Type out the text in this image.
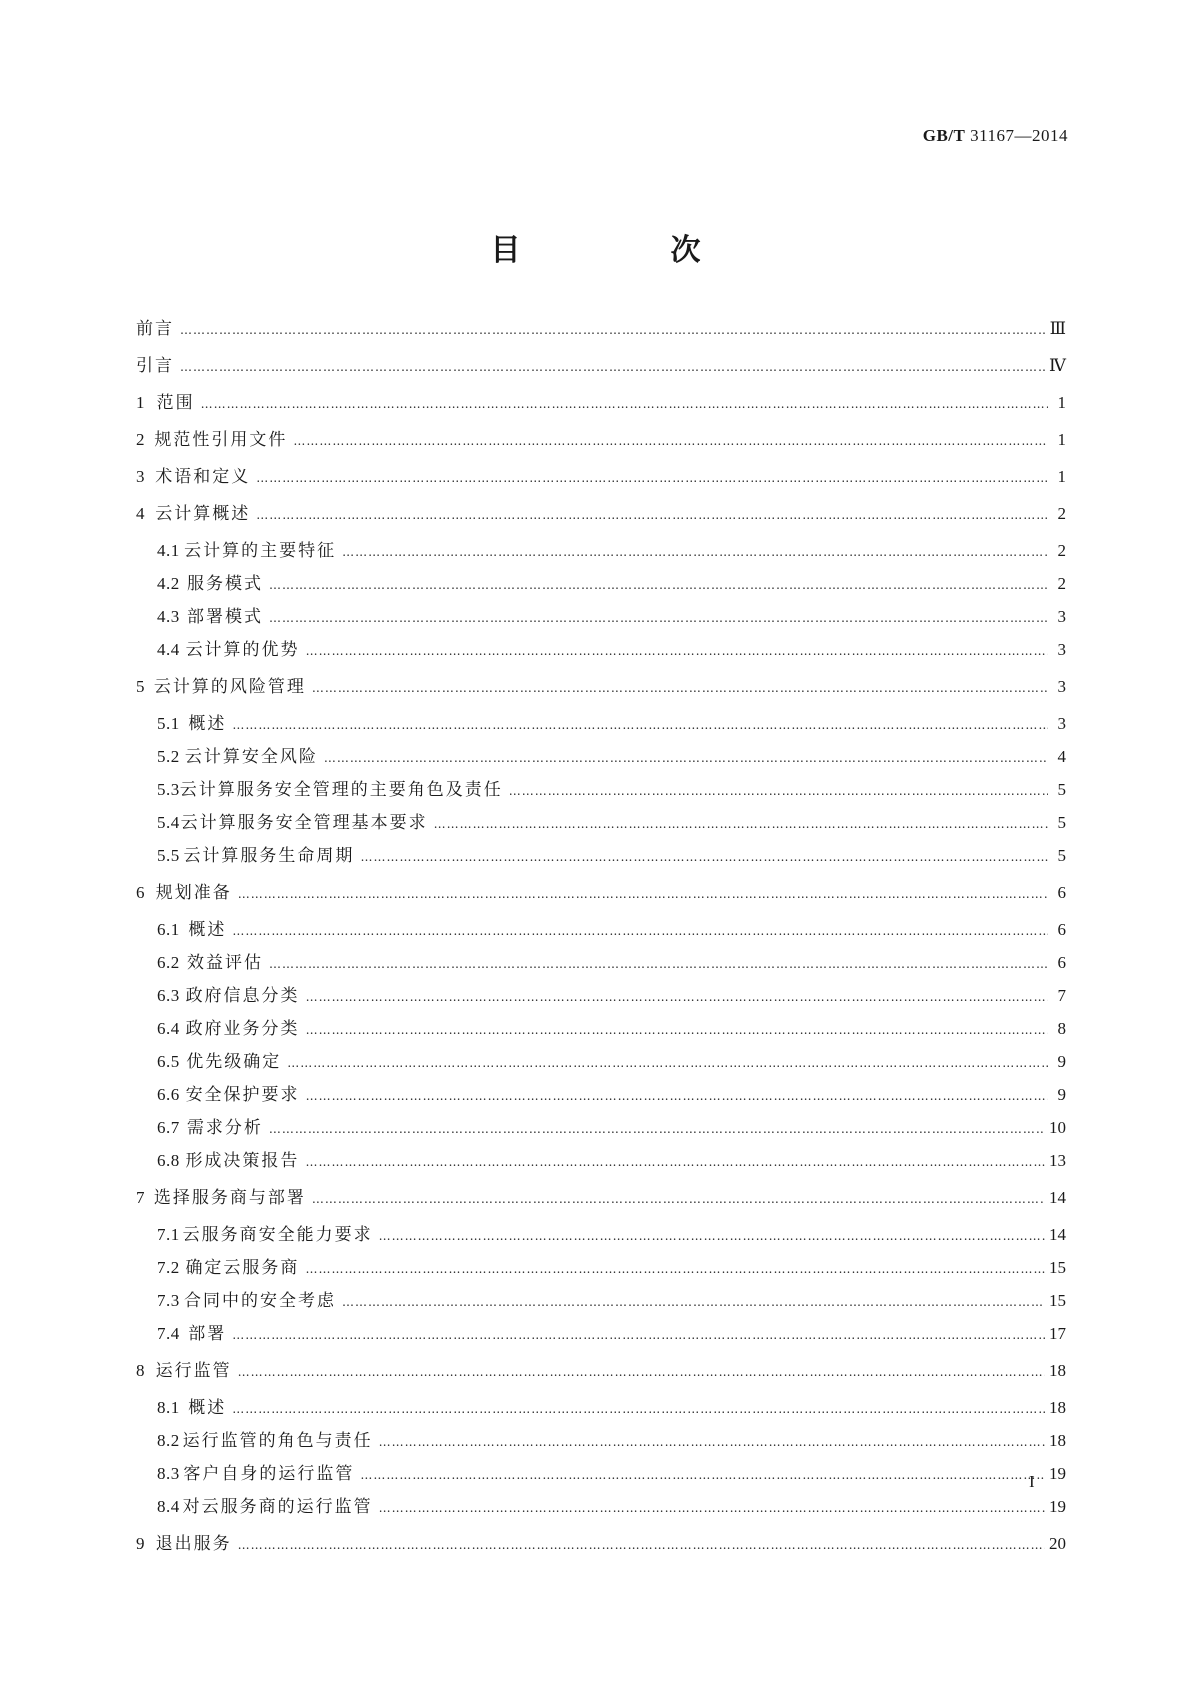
GB/T 31167—2014
目　次
前言 ……………………………………………………………………………………………………………………………………………………………………………………………………………………………………………………………………	Ⅲ
引言 ……………………………………………………………………………………………………………………………………………………………………………………………………………………………………………………………………	Ⅳ
1 范围 ……………………………………………………………………………………………………………………………………………………………………………………………………………………………………………………………………	1
2 规范性引用文件 ……………………………………………………………………………………………………………………………………………………………………………………………………………………………………………………………………	1
3 术语和定义 ……………………………………………………………………………………………………………………………………………………………………………………………………………………………………………………………………	1
4 云计算概述 ……………………………………………………………………………………………………………………………………………………………………………………………………………………………………………………………………	2
4.1 云计算的主要特征 ……………………………………………………………………………………………………………………………………………………………………………………………………………………………………………………………………	2
4.2 服务模式 ……………………………………………………………………………………………………………………………………………………………………………………………………………………………………………………………………	2
4.3 部署模式 ……………………………………………………………………………………………………………………………………………………………………………………………………………………………………………………………………	3
4.4 云计算的优势 ……………………………………………………………………………………………………………………………………………………………………………………………………………………………………………………………………	3
5 云计算的风险管理 ……………………………………………………………………………………………………………………………………………………………………………………………………………………………………………………………………	3
5.1 概述 ……………………………………………………………………………………………………………………………………………………………………………………………………………………………………………………………………	3
5.2 云计算安全风险 ……………………………………………………………………………………………………………………………………………………………………………………………………………………………………………………………………	4
5.3 云计算服务安全管理的主要角色及责任 ……………………………………………………………………………………………………………………………………………………………………………………………………………………………………………………………………	5
5.4 云计算服务安全管理基本要求 ……………………………………………………………………………………………………………………………………………………………………………………………………………………………………………………………………	5
5.5 云计算服务生命周期 ……………………………………………………………………………………………………………………………………………………………………………………………………………………………………………………………………	5
6 规划准备 ……………………………………………………………………………………………………………………………………………………………………………………………………………………………………………………………………	6
6.1 概述 ……………………………………………………………………………………………………………………………………………………………………………………………………………………………………………………………………	6
6.2 效益评估 ……………………………………………………………………………………………………………………………………………………………………………………………………………………………………………………………………	6
6.3 政府信息分类 ……………………………………………………………………………………………………………………………………………………………………………………………………………………………………………………………………	7
6.4 政府业务分类 ……………………………………………………………………………………………………………………………………………………………………………………………………………………………………………………………………	8
6.5 优先级确定 ……………………………………………………………………………………………………………………………………………………………………………………………………………………………………………………………………	9
6.6 安全保护要求 ……………………………………………………………………………………………………………………………………………………………………………………………………………………………………………………………………	9
6.7 需求分析 ……………………………………………………………………………………………………………………………………………………………………………………………………………………………………………………………………	10
6.8 形成决策报告 ……………………………………………………………………………………………………………………………………………………………………………………………………………………………………………………………………	13
7 选择服务商与部署 ……………………………………………………………………………………………………………………………………………………………………………………………………………………………………………………………………	14
7.1 云服务商安全能力要求 ……………………………………………………………………………………………………………………………………………………………………………………………………………………………………………………………………	14
7.2 确定云服务商 ……………………………………………………………………………………………………………………………………………………………………………………………………………………………………………………………………	15
7.3 合同中的安全考虑 ……………………………………………………………………………………………………………………………………………………………………………………………………………………………………………………………………	15
7.4 部署 ……………………………………………………………………………………………………………………………………………………………………………………………………………………………………………………………………	17
8 运行监管 ……………………………………………………………………………………………………………………………………………………………………………………………………………………………………………………………………	18
8.1 概述 ……………………………………………………………………………………………………………………………………………………………………………………………………………………………………………………………………	18
8.2 运行监管的角色与责任 ……………………………………………………………………………………………………………………………………………………………………………………………………………………………………………………………………	18
8.3 客户自身的运行监管 ……………………………………………………………………………………………………………………………………………………………………………………………………………………………………………………………………	19
8.4 对云服务商的运行监管 ……………………………………………………………………………………………………………………………………………………………………………………………………………………………………………………………………	19
9 退出服务 ……………………………………………………………………………………………………………………………………………………………………………………………………………………………………………………………………	20
I
